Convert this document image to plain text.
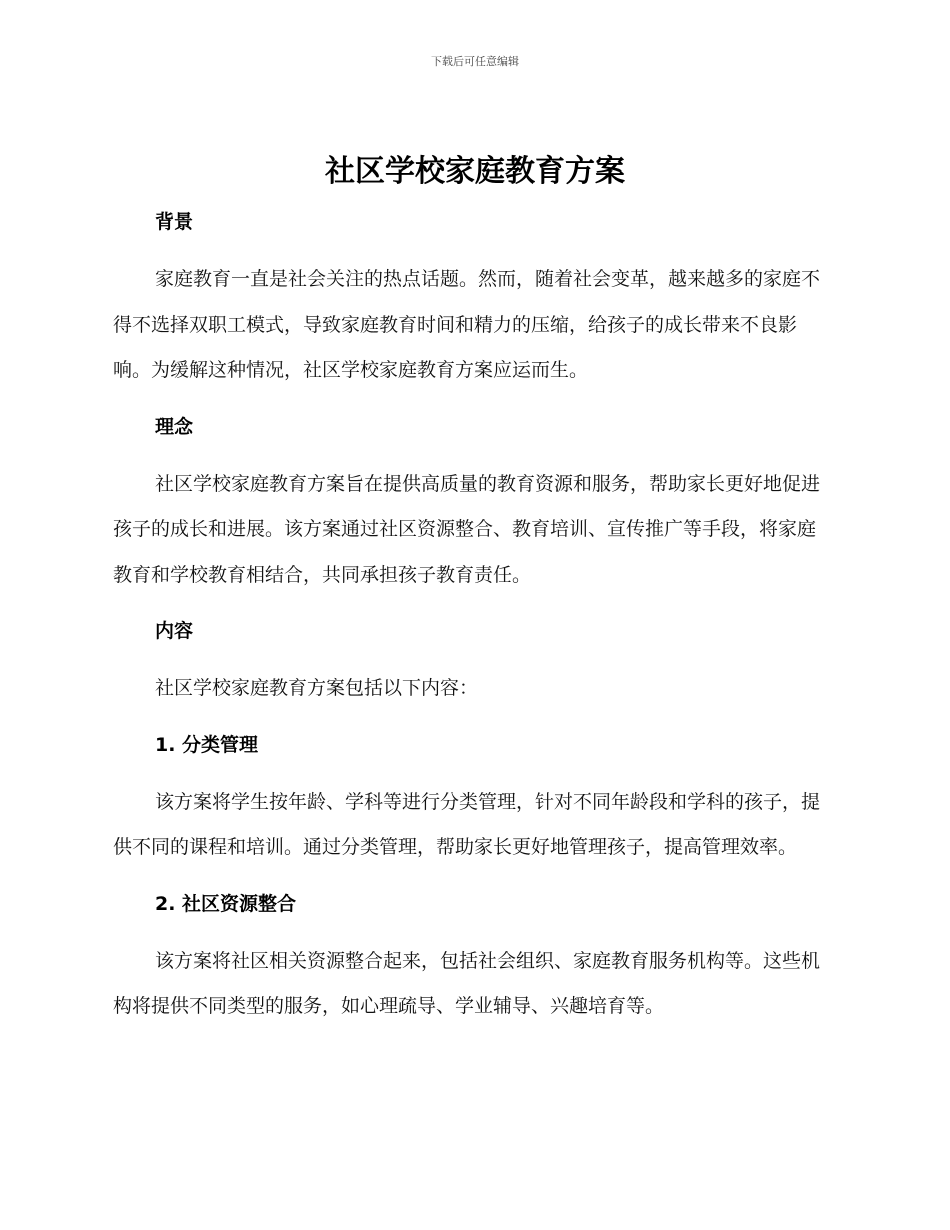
下载后可任意编辑
社区学校家庭教育方案
背景

家庭教育一直是社会关注的热点话题。然而，随着社会变革，越来越多的家庭不得不选择双职工模式，导致家庭教育时间和精力的压缩，给孩子的成长带来不良影响。为缓解这种情况，社区学校家庭教育方案应运而生。

理念

社区学校家庭教育方案旨在提供高质量的教育资源和服务，帮助家长更好地促进孩子的成长和进展。该方案通过社区资源整合、教育培训、宣传推广等手段，将家庭教育和学校教育相结合，共同承担孩子教育责任。

内容

社区学校家庭教育方案包括以下内容：

1. 分类管理

该方案将学生按年龄、学科等进行分类管理，针对不同年龄段和学科的孩子，提供不同的课程和培训。通过分类管理，帮助家长更好地管理孩子，提高管理效率。

2. 社区资源整合

该方案将社区相关资源整合起来，包括社会组织、家庭教育服务机构等。这些机构将提供不同类型的服务，如心理疏导、学业辅导、兴趣培育等。
